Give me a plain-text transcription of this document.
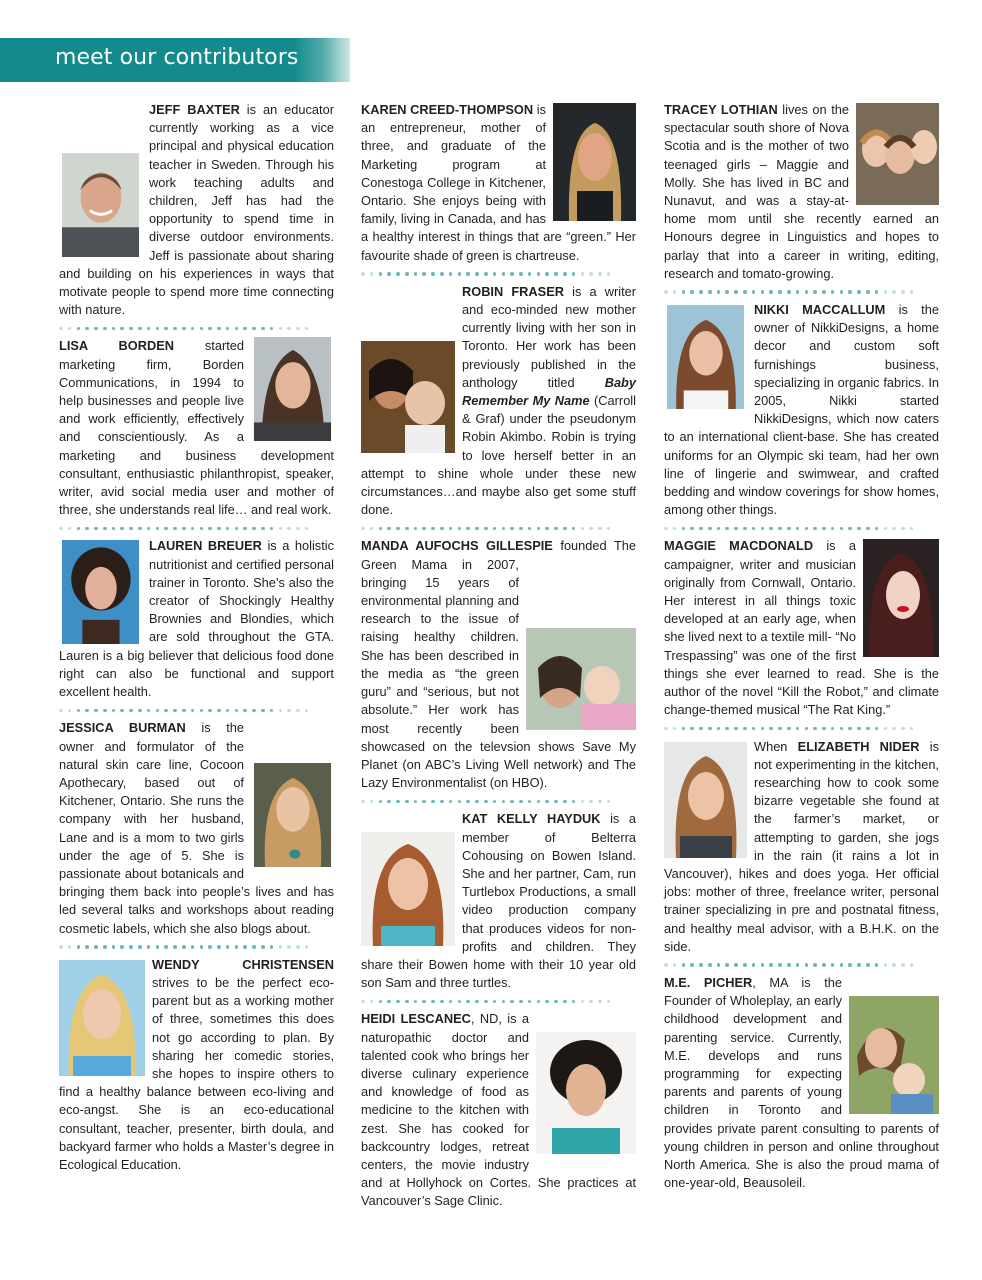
meet our contributors

JEFF BAXTER
is an educator currently working as a vice principal and physical education teacher in Sweden. Through his work teaching adults and children, Jeff has had the opportunity to spend time in diverse outdoor environments. Jeff is passionate about sharing and building on his experiences in ways that motivate people to spend more time connecting with nature.

LISA BORDEN
started marketing firm, Borden Communications, in 1994 to help businesses and people live and work efficiently, effectively and conscientiously. As a marketing and business development consultant, enthusiastic philanthropist, speaker, writer, avid social media user and mother of three, she understands real life… and real work.

LAUREN BREUER
is a holistic nutritionist and certified personal trainer in Toronto. She’s also the creator of Shockingly Healthy Brownies and Blondies, which are sold throughout the GTA. Lauren is a big believer that delicious food done right can also be functional and support excellent health.

JESSICA BURMAN
is the owner and formulator of the natural skin care line, Cocoon Apothecary, based out of Kitchener, Ontario. She runs the company with her husband, Lane and is a mom to two girls under the age of 5. She is passionate about botanicals and bringing them back into people’s lives and has led several talks and workshops about reading cosmetic labels, which she also blogs about.

WENDY CHRISTENSEN
strives to be the perfect eco-parent but as a working mother of three, sometimes this does not go according to plan. By sharing her comedic stories, she hopes to inspire others to find a healthy balance between eco-living and eco-angst. She is an eco-educational consultant, teacher, presenter, birth doula, and backyard farmer who holds a Master’s degree in Ecological Education.

KAREN CREED-THOMPSON
is an entrepreneur, mother of three, and graduate of the Marketing program at Conestoga College in Kitchener, Ontario. She enjoys being with family, living in Canada, and has a healthy interest in things that are “green.” Her favourite shade of green is chartreuse.

ROBIN FRASER
is a writer and eco-minded new mother currently living with her son in Toronto. Her work has been previously published in the anthology titled Baby Remember My Name (Carroll & Graf) under the pseudonym Robin Akimbo. Robin is trying to love herself better in an attempt to shine whole under these new circumstances…and maybe also get some stuff done.

MANDA AUFOCHS GILLESPIE
founded The Green Mama in 2007, bringing 15 years of environmental planning and research to the issue of raising healthy children. She has been described in the media as “the green guru” and “serious, but not absolute.” Her work has most recently been showcased on the televsion shows Save My Planet (on ABC’s Living Well network) and The Lazy Environmentalist (on HBO).

KAT KELLY HAYDUK
is a member of Belterra Cohousing on Bowen Island. She and her partner, Cam, run Turtlebox Productions, a small video production company that produces videos for non-profits and children. They share their Bowen home with their 10 year old son Sam and three turtles.

HEIDI LESCANEC
, ND, is a naturopathic doctor and talented cook who brings her diverse culinary experience and knowledge of food as medicine to the kitchen with zest. She has cooked for backcountry lodges, retreat centers, the movie industry and at Hollyhock on Cortes. She practices at Vancouver’s Sage Clinic.

TRACEY LOTHIAN
lives on the spectacular south shore of Nova Scotia and is the mother of two teenaged girls – Maggie and Molly. She has lived in BC and Nunavut, and was a stay-at-home mom until she recently earned an Honours degree in Linguistics and hopes to parlay that into a career in writing, editing, research and tomato-growing.

NIKKI MACCALLUM
is the owner of NikkiDesigns, a home decor and custom soft furnishings business, specializing in organic fabrics. In 2005, Nikki started NikkiDesigns, which now caters to an international client-base. She has created uniforms for an Olympic ski team, had her own line of lingerie and swimwear, and crafted bedding and window coverings for show homes, among other things.

MAGGIE MACDONALD
is a campaigner, writer and musician originally from Cornwall, Ontario. Her interest in all things toxic developed at an early age, when she lived next to a textile mill- “No Trespassing” was one of the first things she ever learned to read. She is the author of the novel “Kill the Robot,” and climate change-themed musical “The Rat King.”

When ELIZABETH NIDER
is not experimenting in the kitchen, researching how to cook some bizarre vegetable she found at the farmer’s market, or attempting to garden, she jogs in the rain (it rains a lot in Vancouver), hikes and does yoga. Her official jobs: mother of three, freelance writer, personal trainer specializing in pre and postnatal fitness, and healthy meal advisor, with a B.H.K. on the side.

M.E. PICHER
, MA is the Founder of Wholeplay, an early childhood development and parenting service. Currently, M.E. develops and runs programming for expecting parents and parents of young children in Toronto and provides private parent consulting to parents of young children in person and online throughout North America. She is also the proud mama of one-year-old, Beausoleil.
